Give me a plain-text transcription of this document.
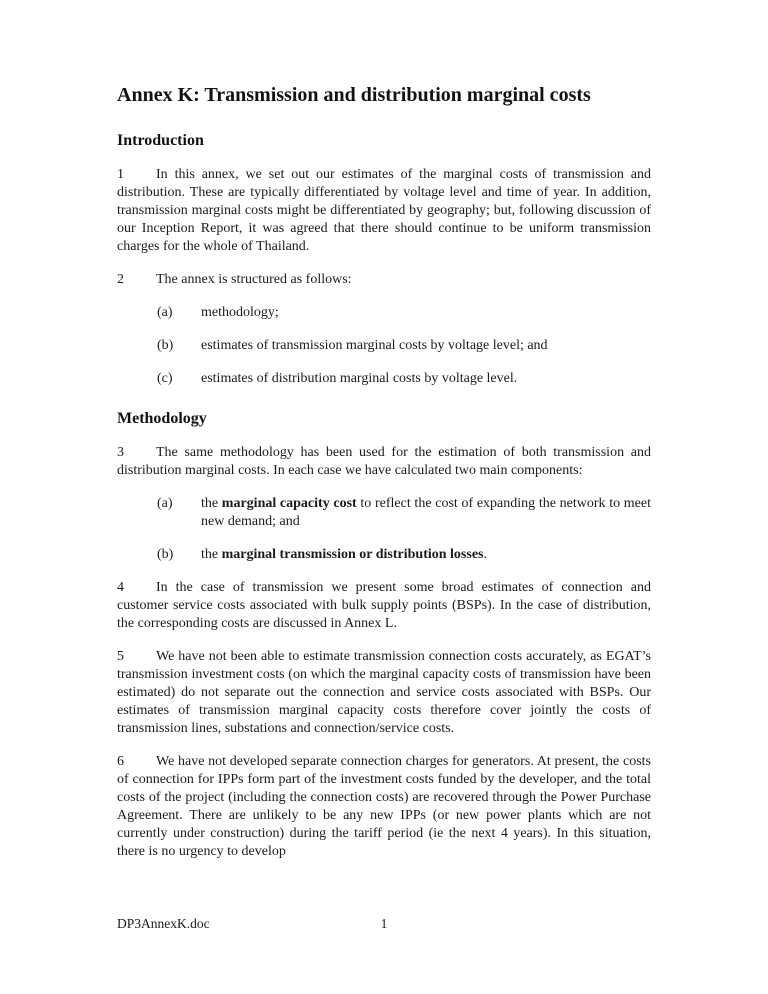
Annex K: Transmission and distribution marginal costs
Introduction

1 In this annex, we set out our estimates of the marginal costs of transmission and distribution. These are typically differentiated by voltage level and time of year. In addition, transmission marginal costs might be differentiated by geography; but, following discussion of our Inception Report, it was agreed that there should continue to be uniform transmission charges for the whole of Thailand.

2 The annex is structured as follows:

(a) methodology;
(b) estimates of transmission marginal costs by voltage level; and
(c) estimates of distribution marginal costs by voltage level.
Methodology

3 The same methodology has been used for the estimation of both transmission and distribution marginal costs. In each case we have calculated two main components:

(a) the marginal capacity cost to reflect the cost of expanding the network to meet new demand; and
(b) the marginal transmission or distribution losses.

4 In the case of transmission we present some broad estimates of connection and customer service costs associated with bulk supply points (BSPs). In the case of distribution, the corresponding costs are discussed in Annex L.

5 We have not been able to estimate transmission connection costs accurately, as EGAT’s transmission investment costs (on which the marginal capacity costs of transmission have been estimated) do not separate out the connection and service costs associated with BSPs. Our estimates of transmission marginal capacity costs therefore cover jointly the costs of transmission lines, substations and connection/service costs.

6 We have not developed separate connection charges for generators. At present, the costs of connection for IPPs form part of the investment costs funded by the developer, and the total costs of the project (including the connection costs) are recovered through the Power Purchase Agreement. There are unlikely to be any new IPPs (or new power plants which are not currently under construction) during the tariff period (ie the next 4 years). In this situation, there is no urgency to develop

DP3AnnexK.doc	1
